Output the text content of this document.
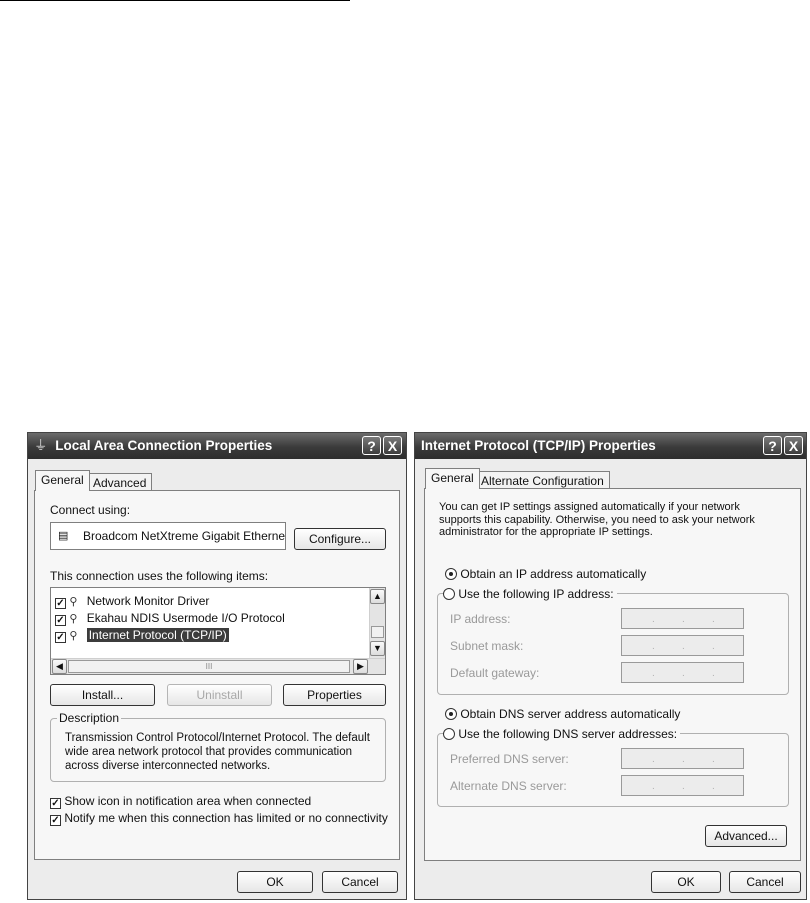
⏚ Local Area Connection Properties	? X
General Advanced
Connect using:
▤ Broadcom NetXtreme Gigabit Etherne	Configure...
This connection uses the following items:
✓ ⚲ Network Monitor Driver
✓ ⚲ Ekahau NDIS Usermode I/O Protocol
✓ ⚲ Internet Protocol (TCP/IP)
▲
▼
◀	III	▶
Install...	Uninstall	Properties
Transmission Control Protocol/Internet Protocol. The default wide area network protocol that provides communication across diverse interconnected networks.
Description
✓ Show icon in notification area when connected
✓ Notify me when this connection has limited or no connectivity
OK	Cancel
Internet Protocol (TCP/IP) Properties	? X
General Alternate Configuration
You can get IP settings assigned automatically if your network supports this capability. Otherwise, you need to ask your network administrator for the appropriate IP settings.
Obtain an IP address automatically
IP address:	.	.	.
Subnet mask:	.	.	.
Default gateway:	.	.	.
Use the following IP address:
Obtain DNS server address automatically
Preferred DNS server:	.	.	.
Alternate DNS server:	.	.	.
Use the following DNS server addresses:
Advanced...
OK	Cancel
